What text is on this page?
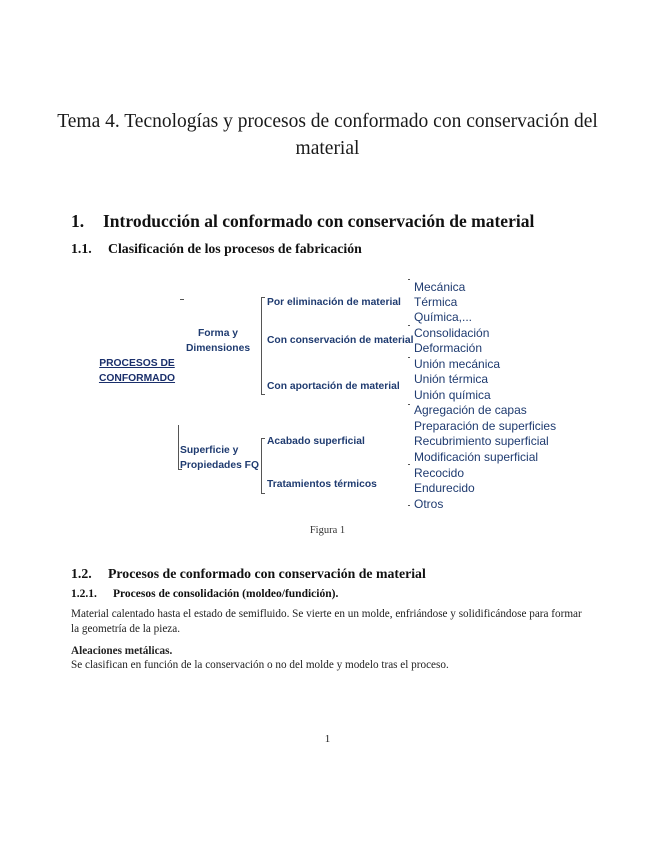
Tema 4. Tecnologías y procesos de conformado con conservación del material
1. Introducción al conformado con conservación de material
1.1. Clasificación de los procesos de fabricación
PROCESOS DE CONFORMADO
Forma y Dimensiones
Superficie y Propiedades FQ
Por eliminación de material
Con conservación de material
Con aportación de material
Acabado superficial
Tratamientos térmicos
Mecánica
Térmica
Química,...
Consolidación
Deformación
Unión mecánica
Unión térmica
Unión química
Agregación de capas
Preparación de superficies
Recubrimiento superficial
Modificación superficial
Recocido
Endurecido
Otros
Figura 1
1.2. Procesos de conformado con conservación de material
1.2.1. Procesos de consolidación (moldeo/fundición).
Material calentado hasta el estado de semifluido. Se vierte en un molde, enfriándose y solidificándose para formar la geometría de la pieza.
Aleaciones metálicas.
Se clasifican en función de la conservación o no del molde y modelo tras el proceso.
1
